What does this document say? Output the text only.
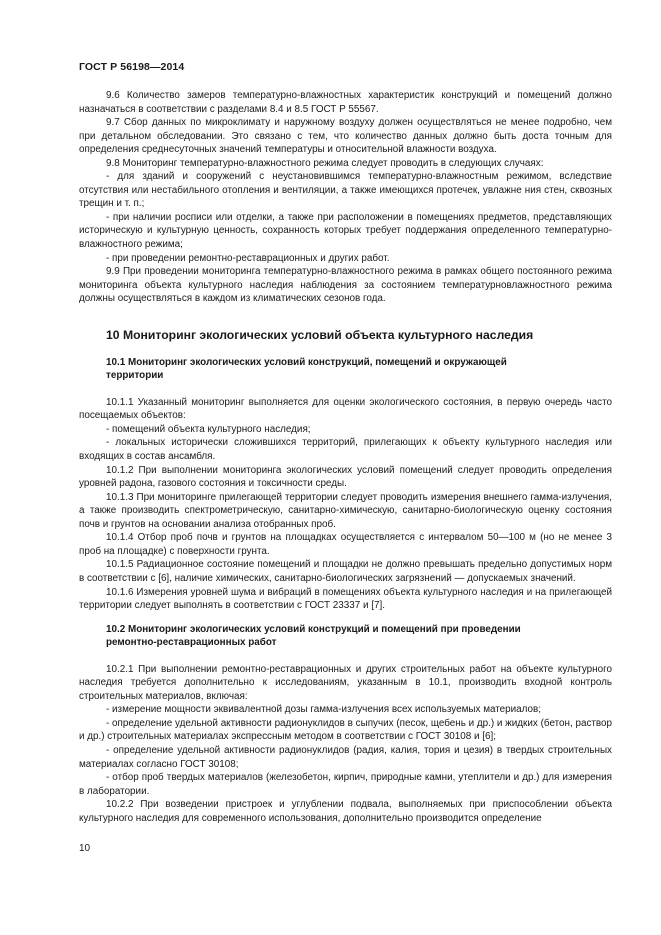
ГОСТ Р 56198—2014

9.6 Количество замеров температурно-влажностных характеристик конструкций и помещений должно назначаться в соответствии с разделами 8.4 и 8.5 ГОСТ Р 55567.

9.7 Сбор данных по микроклимату и наружному воздуху должен осуществляться не менее подробно, чем при детальном обследовании. Это связано с тем, что количество данных должно быть доста точным для определения среднесуточных значений температуры и относительной влажности воздуха.

9.8 Мониторинг температурно-влажностного режима следует проводить в следующих случаях:

- для зданий и сооружений с неустановившимся температурно-влажностным режимом, вследствие отсутствия или нестабильного отопления и вентиляции, а также имеющихся протечек, увлажне ния стен, сквозных трещин и т. п.;

- при наличии росписи или отделки, а также при расположении в помещениях предметов, представляющих историческую и культурную ценность, сохранность которых требует поддержания определенного температурно-влажностного режима;

- при проведении ремонтно-реставрационных и других работ.

9.9 При проведении мониторинга температурно-влажностного режима в рамках общего постоянного режима мониторинга объекта культурного наследия наблюдения за состоянием температурновлажностного режима должны осуществляться в каждом из климатических сезонов года.

10 Мониторинг экологических условий объекта культурного наследия
10.1 Мониторинг экологических условий конструкций, помещений и окружающей
территории

10.1.1 Указанный мониторинг выполняется для оценки экологического состояния, в первую очередь часто посещаемых объектов:

- помещений объекта культурного наследия;

- локальных исторически сложившихся территорий, прилегающих к объекту культурного наследия или входящих в состав ансамбля.

10.1.2 При выполнении мониторинга экологических условий помещений следует проводить определения уровней радона, газового состояния и токсичности среды.

10.1.3 При мониторинге прилегающей территории следует проводить измерения внешнего гамма-излучения, а также производить спектрометрическую, санитарно-химическую, санитарно-биологическую оценку состояния почв и грунтов на основании анализа отобранных проб.

10.1.4 Отбор проб почв и грунтов на площадках осуществляется с интервалом 50—100 м (но не менее 3 проб на площадке) с поверхности грунта.

10.1.5 Радиационное состояние помещений и площадки не должно превышать предельно допустимых норм в соответствии с [6], наличие химических, санитарно-биологических загрязнений — допускаемых значений.

10.1.6 Измерения уровней шума и вибраций в помещениях объекта культурного наследия и на прилегающей территории следует выполнять в соответствии с ГОСТ 23337 и [7].

10.2 Мониторинг экологических условий конструкций и помещений при проведении
ремонтно-реставрационных работ

10.2.1 При выполнении ремонтно-реставрационных и других строительных работ на объекте культурного наследия требуется дополнительно к исследованиям, указанным в 10.1, производить входной контроль строительных материалов, включая:

- измерение мощности эквивалентной дозы гамма-излучения всех используемых материалов;

- определение удельной активности радионуклидов в сыпучих (песок, щебень и др.) и жидких (бетон, раствор и др.) строительных материалах экспрессным методом в соответствии с ГОСТ 30108 и [6];

- определение удельной активности радионуклидов (радия, калия, тория и цезия) в твердых строительных материалах согласно ГОСТ 30108;

- отбор проб твердых материалов (железобетон, кирпич, природные камни, утеплители и др.) для измерения в лаборатории.

10.2.2 При возведении пристроек и углублении подвала, выполняемых при приспособлении объекта культурного наследия для современного использования, дополнительно производится определение

10
